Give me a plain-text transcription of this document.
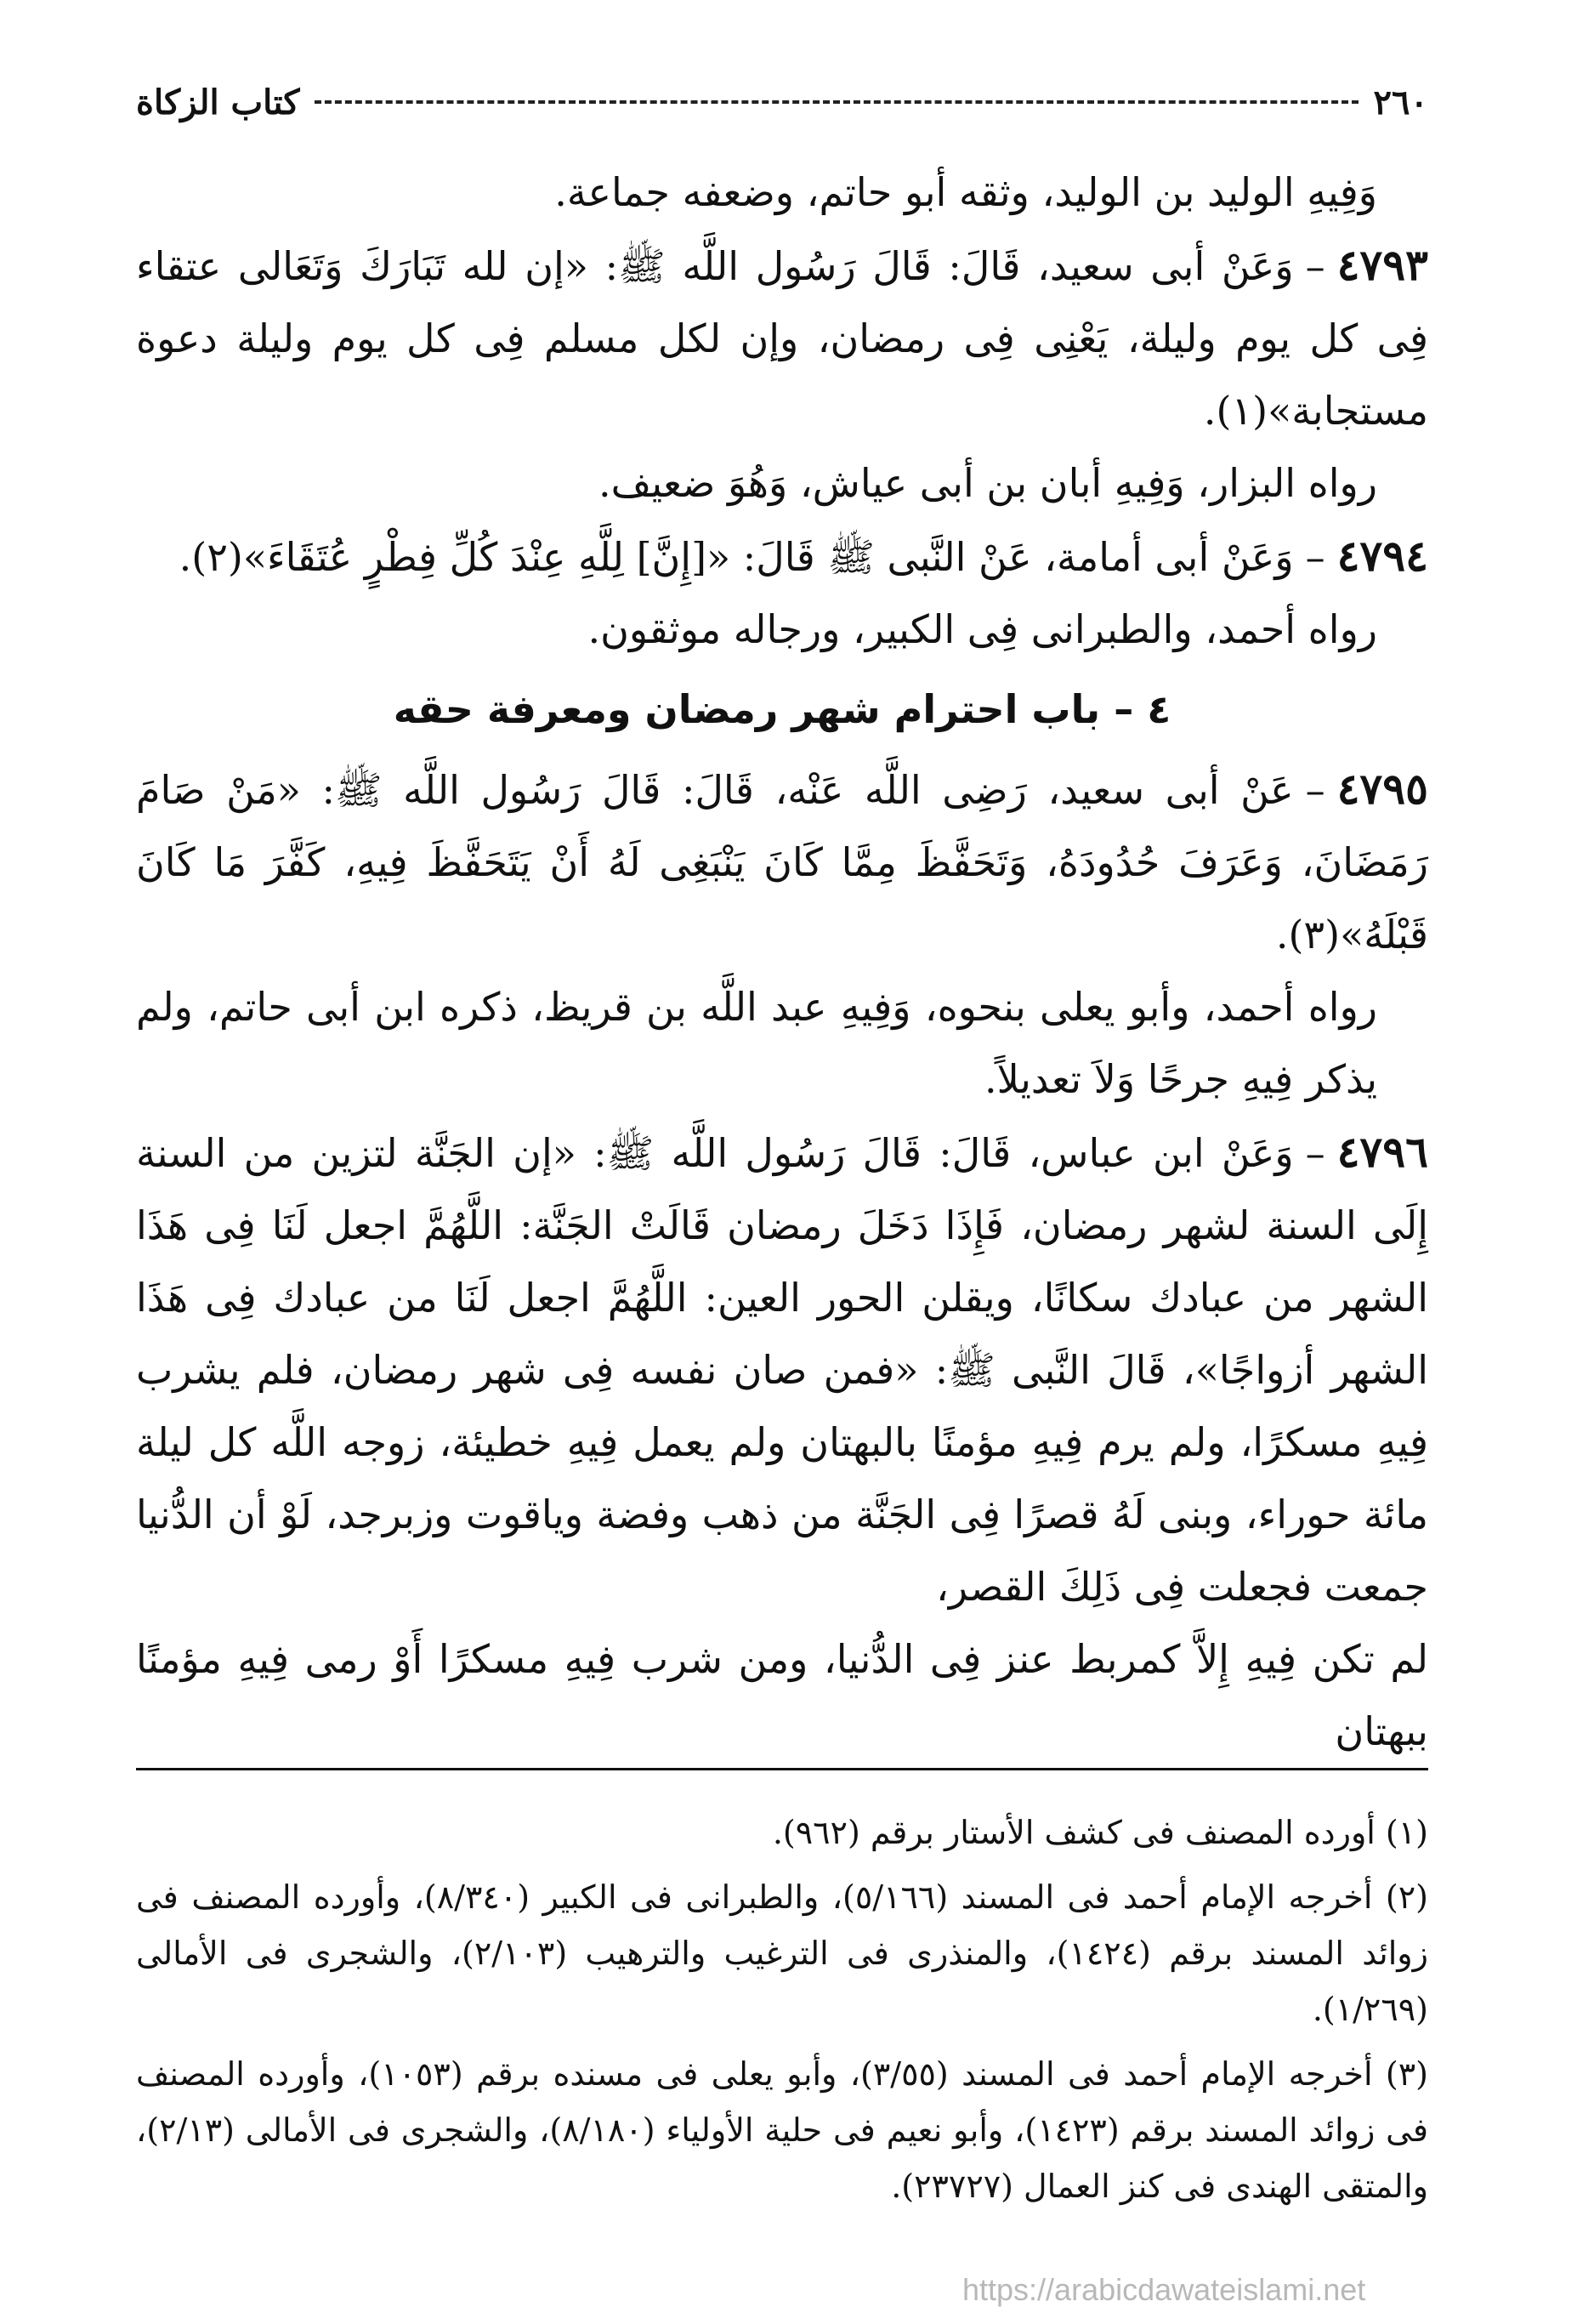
٢٦٠
كتاب الزكاة

وَفِيهِ الوليد بن الوليد، وثقه أبو حاتم، وضعفه جماعة.

٤٧٩٣–وَعَنْ أبى سعيد، قَالَ: قَالَ رَسُول اللَّه ﷺ: «إن لله تَبَارَكَ وَتَعَالى عتقاء فِى كل يوم وليلة، يَعْنِى فِى رمضان، وإن لكل مسلم فِى كل يوم وليلة دعوة مستجابة»(١).

رواه البزار، وَفِيهِ أبان بن أبى عياش، وَهُوَ ضعيف.

٤٧٩٤–وَعَنْ أبى أمامة، عَنْ النَّبى ﷺ قَالَ: «[إِنَّ] لِلَّهِ عِنْدَ كُلِّ فِطْرٍ عُتَقَاءَ»(٢).

رواه أحمد، والطبرانى فِى الكبير، ورجاله موثقون.

٤ – باب احترام شهر رمضان ومعرفة حقه

٤٧٩٥–عَنْ أبى سعيد، رَضِى اللَّه عَنْه، قَالَ: قَالَ رَسُول اللَّه ﷺ: «مَنْ صَامَ رَمَضَانَ، وَعَرَفَ حُدُودَهُ، وَتَحَفَّظَ مِمَّا كَانَ يَنْبَغِى لَهُ أَنْ يَتَحَفَّظَ فِيهِ، كَفَّرَ مَا كَانَ قَبْلَهُ»(٣).

رواه أحمد، وأبو يعلى بنحوه، وَفِيهِ عبد اللَّه بن قريظ، ذكره ابن أبى حاتم، ولم يذكر فِيهِ جرحًا وَلاَ تعديلاً.

٤٧٩٦–وَعَنْ ابن عباس، قَالَ: قَالَ رَسُول اللَّه ﷺ: «إن الجَنَّة لتزين من السنة إِلَى السنة لشهر رمضان، فَإِذَا دَخَلَ رمضان قَالَتْ الجَنَّة: اللَّهُمَّ اجعل لَنَا فِى هَذَا الشهر من عبادك سكانًا، ويقلن الحور العين: اللَّهُمَّ اجعل لَنَا من عبادك فِى هَذَا الشهر أزواجًا»، قَالَ النَّبى ﷺ: «فمن صان نفسه فِى شهر رمضان، فلم يشرب فِيهِ مسكرًا، ولم يرم فِيهِ مؤمنًا بالبهتان ولم يعمل فِيهِ خطيئة، زوجه اللَّه كل ليلة مائة حوراء، وبنى لَهُ قصرًا فِى الجَنَّة من ذهب وفضة وياقوت وزبرجد، لَوْ أن الدُّنيا جمعت فجعلت فِى ذَلِكَ القصر،

لم تكن فِيهِ إِلاَّ كمربط عنز فِى الدُّنيا، ومن شرب فِيهِ مسكرًا أَوْ رمى فِيهِ مؤمنًا ببهتان

(١) أورده المصنف فى كشف الأستار برقم (٩٦٢).

(٢) أخرجه الإمام أحمد فى المسند (٥/١٦٦)، والطبرانى فى الكبير (٨/٣٤٠)، وأورده المصنف فى زوائد المسند برقم (١٤٢٤)، والمنذرى فى الترغيب والترهيب (٢/١٠٣)، والشجرى فى الأمالى (١/٢٦٩).

(٣) أخرجه الإمام أحمد فى المسند (٣/٥٥)، وأبو يعلى فى مسنده برقم (١٠٥٣)، وأورده المصنف فى زوائد المسند برقم (١٤٢٣)، وأبو نعيم فى حلية الأولياء (٨/١٨٠)، والشجرى فى الأمالى (٢/١٣)، والمتقى الهندى فى كنز العمال (٢٣٧٢٧).

https://arabicdawateislami.net
